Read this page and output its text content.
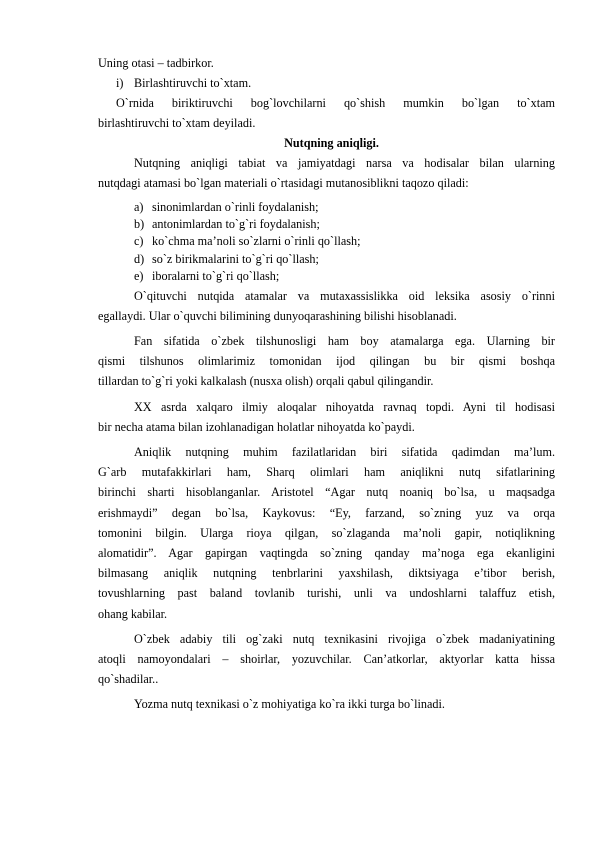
Uning otasi – tadbirkor.
i) Birlashtiruvchi to`xtam.
O`rnida biriktiruvchi bog`lovchilarni qo`shish mumkin bo`lgan to`xtam
birlashtiruvchi to`xtam deyiladi.
Nutqning aniqligi.
Nutqning aniqligi tabiat va jamiyatdagi narsa va hodisalar bilan ularning
nutqdagi atamasi bo`lgan materiali o`rtasidagi mutanosiblikni taqozo qiladi:
a) sinonimlardan o`rinli foydalanish;
b) antonimlardan to`g`ri foydalanish;
c) ko`chma ma’noli so`zlarni o`rinli qo`llash;
d) so`z birikmalarini to`g`ri qo`llash;
e) iboralarni to`g`ri qo`llash;
O`qituvchi nutqida atamalar va mutaxassislikka oid leksika asosiy o`rinni
egallaydi. Ular o`quvchi bilimining dunyoqarashining bilishi hisoblanadi.
Fan sifatida o`zbek tilshunosligi ham boy atamalarga ega. Ularning bir
qismi tilshunos olimlarimiz tomonidan ijod qilingan bu bir qismi boshqa
tillardan to`g`ri yoki kalkalash (nusxa olish) orqali qabul qilingandir.
XX asrda xalqaro ilmiy aloqalar nihoyatda ravnaq topdi. Ayni til hodisasi
bir necha atama bilan izohlanadigan holatlar nihoyatda ko`paydi.
Aniqlik nutqning muhim fazilatlaridan biri sifatida qadimdan ma’lum.
G`arb mutafakkirlari ham, Sharq olimlari ham aniqlikni nutq sifatlarining
birinchi sharti hisoblanganlar. Aristotel “Agar nutq noaniq bo`lsa, u maqsadga
erishmaydi” degan bo`lsa, Kaykovus: “Ey, farzand, so`zning yuz va orqa
tomonini bilgin. Ularga rioya qilgan, so`zlaganda ma’noli gapir, notiqlikning
alomatidir”. Agar gapirgan vaqtingda so`zning qanday ma’noga ega ekanligini
bilmasang aniqlik nutqning tenbrlarini yaxshilash, diktsiyaga e’tibor berish,
tovushlarning past baland tovlanib turishi, unli va undoshlarni talaffuz etish,
ohang kabilar.
O`zbek adabiy tili og`zaki nutq texnikasini rivojiga o`zbek madaniyatining
atoqli namoyondalari – shoirlar, yozuvchilar. Can’atkorlar, aktyorlar katta hissa
qo`shadilar..
Yozma nutq texnikasi o`z mohiyatiga ko`ra ikki turga bo`linadi.
